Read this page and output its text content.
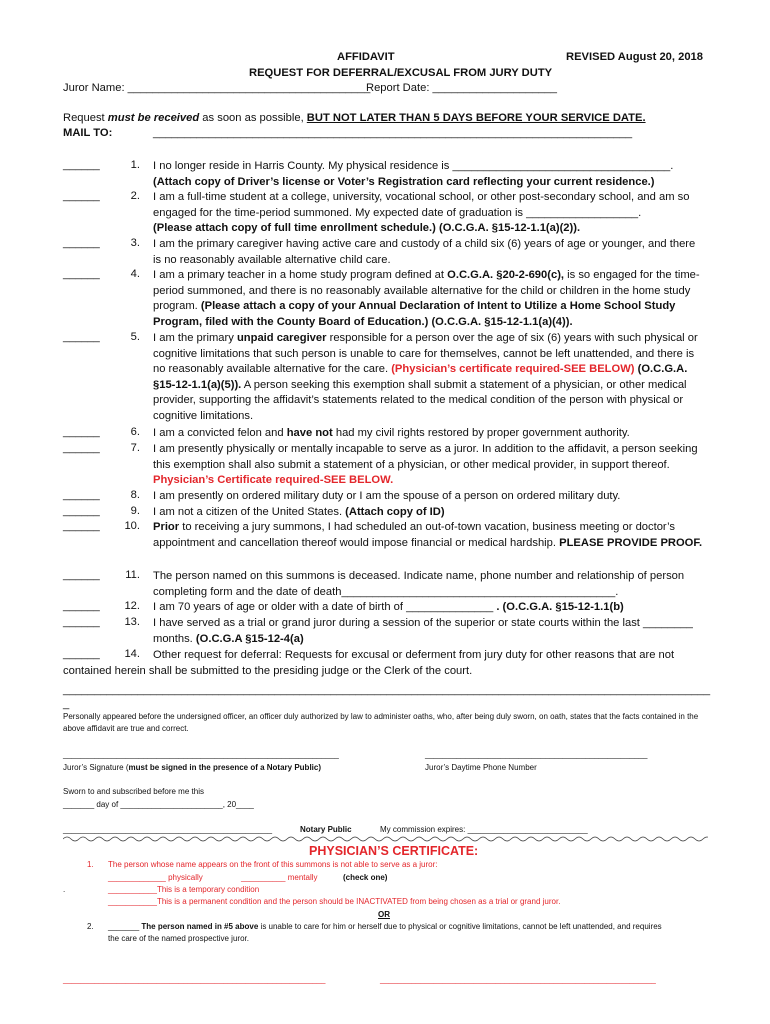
AFFIDAVIT	REVISED August 20, 2018
REQUEST FOR DEFERRAL/EXCUSAL FROM JURY DUTY
Juror Name: _______________________________________
Report Date: ____________________
Request must be received as soon as possible, BUT NOT LATER THAN 5 DAYS BEFORE YOUR SERVICE DATE.
MAIL TO:	_____________________________________________________________________________
______	1. I no longer reside in Harris County. My physical residence is ___________________________________.
(Attach copy of Driver’s license or Voter’s Registration card reflecting your current residence.)
______	2. I am a full-time student at a college, university, vocational school, or other post-secondary school, and am so engaged for the time-period summoned. My expected date of graduation is __________________.
(Please attach copy of full time enrollment schedule.) (O.C.G.A. §15-12-1.1(a)(2)).
______	3. I am the primary caregiver having active care and custody of a child six (6) years of age or younger, and there is no reasonably available alternative child care.
______	4. I am a primary teacher in a home study program defined at O.C.G.A. §20-2-690(c), is so engaged for the time-period summoned, and there is no reasonably available alternative for the child or children in the home study program. (Please attach a copy of your Annual Declaration of Intent to Utilize a Home School Study Program, filed with the County Board of Education.) (O.C.G.A. §15-12-1.1(a)(4)).
______	5. I am the primary unpaid caregiver responsible for a person over the age of six (6) years with such physical or cognitive limitations that such person is unable to care for themselves, cannot be left unattended, and there is no reasonably available alternative for the care. (Physician’s certificate required-SEE BELOW) (O.C.G.A. §15-12-1.1(a)(5)). A person seeking this exemption shall submit a statement of a physician, or other medical provider, supporting the affidavit’s statements related to the medical condition of the person with physical or cognitive limitations.
______	6. I am a convicted felon and have not had my civil rights restored by proper government authority.
______	7. I am presently physically or mentally incapable to serve as a juror. In addition to the affidavit, a person seeking this exemption shall also submit a statement of a physician, or other medical provider, in support thereof. Physician’s Certificate required-SEE BELOW.
______	8. I am presently on ordered military duty or I am the spouse of a person on ordered military duty.
______	9. I am not a citizen of the United States. (Attach copy of ID)
______	10. Prior to receiving a jury summons, I had scheduled an out-of-town vacation, business meeting or doctor’s appointment and cancellation thereof would impose financial or medical hardship. PLEASE PROVIDE PROOF.
______	11. The person named on this summons is deceased. Indicate name, phone number and relationship of person completing form and the date of death____________________________________________.
______	12. I am 70 years of age or older with a date of birth of ______________ . (O.C.G.A. §15-12-1.1(b)
______	13. I have served as a trial or grand juror during a session of the superior or state courts within the last ________ months. (O.C.G.A §15-12-4(a)
______	14. Other request for deferral: Requests for excusal or deferment from jury duty for other reasons that are not
contained herein shall be submitted to the presiding judge or the Clerk of the court.
________________________________________________________________________________________________________
_
Personally appeared before the undersigned officer, an officer duly authorized by law to administer oaths, who, after being duly sworn, on oath, states that the facts contained in the above affidavit are true and correct.
______________________________________________________________	__________________________________________________
Juror’s Signature (must be signed in the presence of a Notary Public)	Juror’s Daytime Phone Number
Sworn to and subscribed before me this
_______ day of _______________________, 20____
_______________________________________________	Notary Public	My commission expires: ___________________________
PHYSICIAN’S CERTIFICATE:
1. The person whose name appears on the front of this summons is not able to serve as a juror:
_____________ physically	__________ mentally	(check one)
.	___________This is a temporary condition
___________This is a permanent condition and the person should be INACTIVATED from being chosen as a trial or grand juror.
OR
2. _______ The person named in #5 above is unable to care for him or herself due to physical or cognitive limitations, cannot be left unattended, and requires the care of the named prospective juror.
___________________________________________________________	______________________________________________________________
